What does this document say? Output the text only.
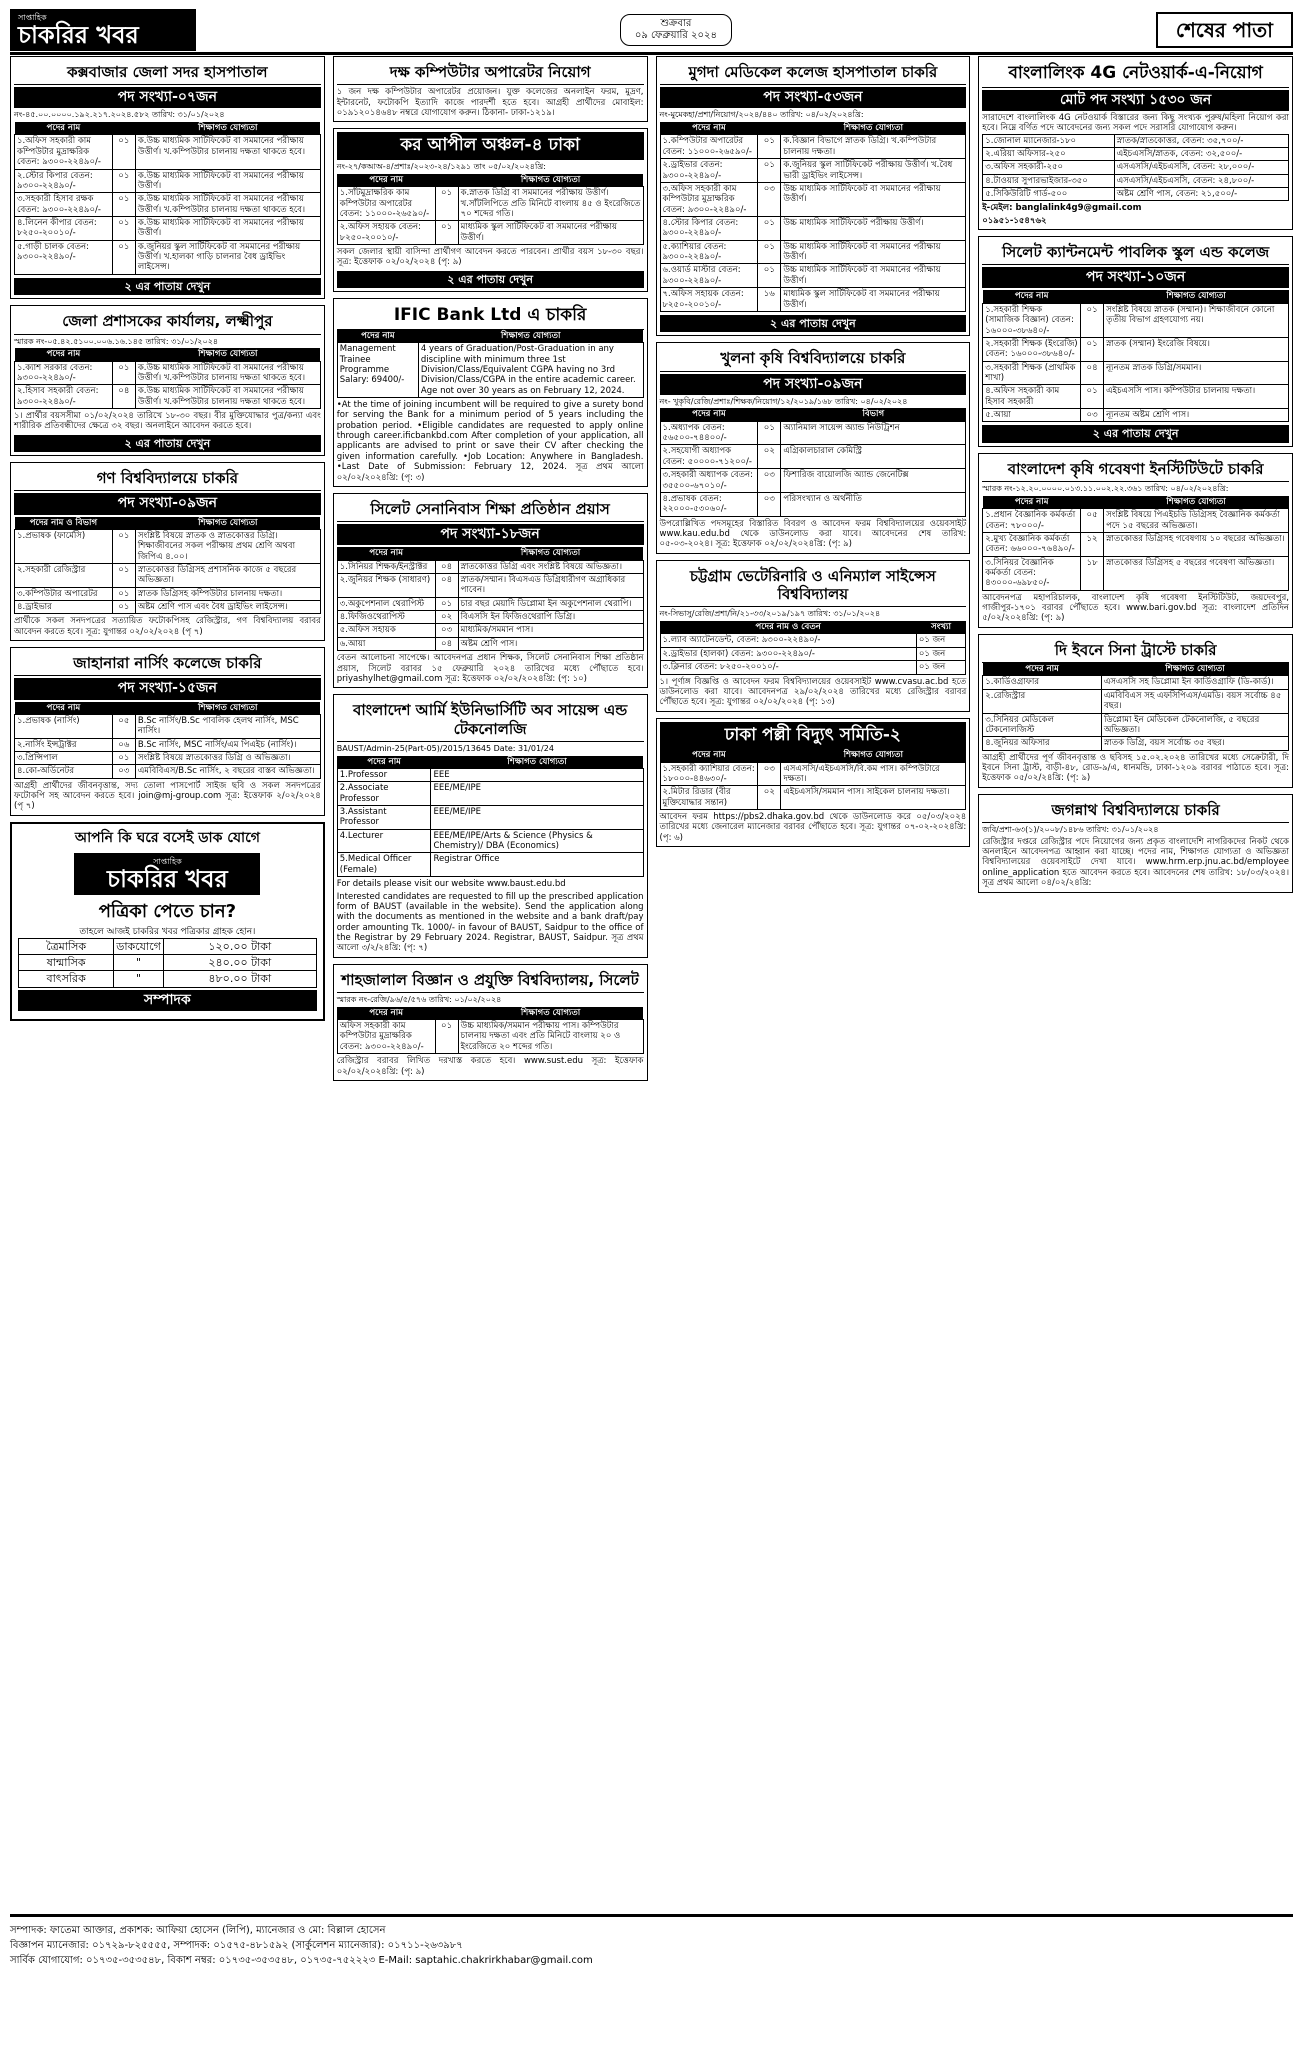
সাপ্তাহিক
চাকরির খবর	শুক্রবার
০৯ ফেব্রুয়ারি ২০২৪	শেষের পাতা
কক্সবাজার জেলা সদর হাসপাতাল
পদ সংখ্যা-০৭জন
নং-৪৫.০০.০০০০.১৯২.২১৭.২০২৪.৫৮২ তারিখ: ৩১/০১/২০২৪
পদের নাম		শিক্ষাগত যোগ্যতা
১.অফিস সহকারী কাম কম্পিউটার মুদ্রাক্ষরিক বেতন: ৯৩০০-২২৪৯০/-	০১	ক.উচ্চ মাধ্যমিক সার্টিফিকেট বা সমমানের পরীক্ষায় উত্তীর্ণ। খ.কম্পিউটার চালনায় দক্ষতা থাকতে হবে।
২.স্টোর কিপার বেতন: ৯৩০০-২২৪৯০/-	০১	ক.উচ্চ মাধ্যমিক সার্টিফিকেট বা সমমানের পরীক্ষায় উত্তীর্ণ।
৩.সহকারী হিসাব রক্ষক বেতন: ৯৩০০-২২৪৯০/-	০১	ক.উচ্চ মাধ্যমিক সার্টিফিকেট বা সমমানের পরীক্ষায় উত্তীর্ণ। খ.কম্পিউটার চালনায় দক্ষতা থাকতে হবে।
৪.লিনেন কীপার বেতন: ৮২৫০-২০০১০/-	০১	ক.উচ্চ মাধ্যমিক সার্টিফিকেট বা সমমানের পরীক্ষায় উত্তীর্ণ।
৫.গাড়ী চালক বেতন: ৯৩০০-২২৪৯০/-	০১	ক.জুনিয়র স্কুল সার্টিফিকেট বা সমমানের পরীক্ষায় উত্তীর্ণ। খ.হালকা গাড়ি চালনার বৈধ ড্রাইভিং লাইসেন্স।
২ এর পাতায় দেখুন
জেলা প্রশাসকের কার্যালয়, লক্ষ্মীপুর
স্মারক নং-০৫.৪২.৫১০০.০০৬.১৬.১৪৫ তারিখ: ৩১/০১/২০২৪
পদের নাম		শিক্ষাগত যোগ্যতা
১.ক্যাশ সরকার বেতন: ৯৩০০-২২৪৯০/-	০১	ক.উচ্চ মাধ্যমিক সার্টিফিকেট বা সমমানের পরীক্ষায় উত্তীর্ণ। খ.কম্পিউটার চালনায় দক্ষতা থাকতে হবে।
২.হিসাব সহকারী বেতন: ৯৩০০-২২৪৯০/-	০৪	ক.উচ্চ মাধ্যমিক সার্টিফিকেট বা সমমানের পরীক্ষায় উত্তীর্ণ। খ.কম্পিউটার চালনায় দক্ষতা থাকতে হবে।
১। প্রার্থীর বয়সসীমা ০১/০২/২০২৪ তারিখে ১৮-৩০ বছর। বীর মুক্তিযোদ্ধার পুত্র/কন্যা এবং শারীরিক প্রতিবন্ধীদের ক্ষেত্রে ৩২ বছর। অনলাইনে আবেদন করতে হবে।
২ এর পাতায় দেখুন
গণ বিশ্ববিদ্যালয়ে চাকরি
পদ সংখ্যা-০৯জন
পদের নাম ও বিভাগ		শিক্ষাগত যোগ্যতা
১.প্রভাষক (ফার্মেসি)	০১	সংশ্লিষ্ট বিষয়ে স্নাতক ও স্নাতকোত্তর ডিগ্রি। শিক্ষাজীবনের সকল পরীক্ষায় প্রথম শ্রেণি অথবা জিপিএ ৪.০০।
২.সহকারী রেজিস্ট্রার	০১	স্নাতকোত্তর ডিগ্রিসহ প্রশাসনিক কাজে ৫ বছরের অভিজ্ঞতা।
৩.কম্পিউটার অপারেটর	০১	স্নাতক ডিগ্রিসহ কম্পিউটার চালনায় দক্ষতা।
৪.ড্রাইভার	০১	অষ্টম শ্রেণি পাস এবং বৈধ ড্রাইভিং লাইসেন্স।
প্রার্থীকে সকল সনদপত্রের সত্যায়িত ফটোকপিসহ রেজিস্ট্রার, গণ বিশ্ববিদ্যালয় বরাবর আবেদন করতে হবে। সূত্র: যুগান্তর ০২/০২/২০২৪ (পৃ ৭)
জাহানারা নার্সিং কলেজে চাকরি
পদ সংখ্যা-১৫জন
পদের নাম		শিক্ষাগত যোগ্যতা
১.প্রভাষক (নার্সিং)	০৫	B.Sc নার্সিং/B.Sc পাবলিক হেলথ নার্সিং, MSC নার্সিং।
২.নার্সিং ইন্সট্রাক্টর	০৬	B.Sc নার্সিং, MSC নার্সিং/এম পিএইচ (নার্সিং)।
৩.প্রিন্সিপাল	০১	সংশ্লিষ্ট বিষয়ে স্নাতকোত্তর ডিগ্রি ও অভিজ্ঞতা।
৪.কো-অর্ডিনেটর	০৩	এমবিবিএস/B.Sc নার্সিং, ২ বছরের বাস্তব অভিজ্ঞতা।
আগ্রহী প্রার্থীদের জীবনবৃত্তান্ত, সদ্য তোলা পাসপোর্ট সাইজ ছবি ও সকল সনদপত্রের ফটোকপি সহ আবেদন করতে হবে। join@mj-group.com সূত্র: ইত্তেফাক ২/০২/২০২৪ (পৃ ৭)
আপনি কি ঘরে বসেই ডাক যোগে
সাপ্তাহিক
চাকরির খবর
পত্রিকা পেতে চান?
তাহলে আজই চাকরির খবর পত্রিকার গ্রাহক হোন।
ত্রৈমাসিক	ডাকযোগে	১২০.০০ টাকা
ষান্মাসিক	"	২৪০.০০ টাকা
বাৎসরিক	"	৪৮০.০০ টাকা
সম্পাদক
দক্ষ কম্পিউটার অপারেটর নিয়োগ
১ জন দক্ষ কম্পিউটার অপারেটর প্রয়োজন। যুক্ত কলেজের অনলাইন ফরম, মুদ্রণ, ইন্টারনেট, ফটোকপি ইত্যাদি কাজে পারদর্শী হতে হবে। আগ্রহী প্রার্থীদের মোবাইল: ০১৯১২০১৪৬৪৮ নম্বরে যোগাযোগ করুন। ঠিকানা- ঢাকা-১২১৯।
কর আপীল অঞ্চল-৪ ঢাকা
নং-২৭/কআঅ-৪/প্রশাঃ/২০২৩-২৪/১২৯১ তাং ০৫/০২/২০২৪খ্রি:
পদের নাম		শিক্ষাগত যোগ্যতা
১.সাঁটমুদ্রাক্ষরিক কাম কম্পিউটার অপারেটর বেতন: ১১০০০-২৬৫৯০/-	০১	ক.স্নাতক ডিগ্রি বা সমমানের পরীক্ষায় উত্তীর্ণ। খ.সাঁটলিপিতে প্রতি মিনিটে বাংলায় ৪৫ ও ইংরেজিতে ৭০ শব্দের গতি।
২.অফিস সহায়ক বেতন: ৮২৫০-২০০১০/-	০১	মাধ্যমিক স্কুল সার্টিফিকেট বা সমমানের পরীক্ষায় উত্তীর্ণ।
সকল জেলার স্থায়ী বাসিন্দা প্রার্থীগণ আবেদন করতে পারবেন। প্রার্থীর বয়স ১৮-৩০ বছর। সূত্র: ইত্তেফাক ০২/০২/২০২৪ (পৃ: ৯)
২ এর পাতায় দেখুন
IFIC Bank Ltd এ চাকরি
পদের নাম	শিক্ষাগত যোগ্যতা
Management Trainee Programme Salary: 69400/-	4 years of Graduation/Post-Graduation in any discipline with minimum three 1st Division/Class/Equivalent CGPA having no 3rd Division/Class/CGPA in the entire academic career. Age not over 30 years as on February 12, 2024.
•At the time of joining incumbent will be required to give a surety bond for serving the Bank for a minimum period of 5 years including the probation period. •Eligible candidates are requested to apply online through career.ificbankbd.com After completion of your application, all applicants are advised to print or save their CV after checking the given information carefully. •Job Location: Anywhere in Bangladesh. •Last Date of Submission: February 12, 2024. সূত্র প্রথম আলো ০২/০২/২০২৪খ্রি: (পৃ: ৩)
সিলেট সেনানিবাস শিক্ষা প্রতিষ্ঠান প্রয়াস
পদ সংখ্যা-১৮জন
পদের নাম		শিক্ষাগত যোগ্যতা
১.সিনিয়র শিক্ষক/ইনস্ট্রাক্টর	০৪	স্নাতকোত্তর ডিগ্রি এবং সংশ্লিষ্ট বিষয়ে অভিজ্ঞতা।
২.জুনিয়র শিক্ষক (সাধারণ)	০৪	স্নাতক/সম্মান। বিএসএড ডিগ্রিধারীগণ অগ্রাধিকার পাবেন।
৩.অকুপেশনাল থেরাপিস্ট	০১	চার বছর মেয়াদি ডিপ্লোমা ইন অকুপেশনাল থেরাপি।
৪.ফিজিওথেরাপিস্ট	০২	বিএসসি ইন ফিজিওথেরাপি ডিগ্রি।
৫.অফিস সহায়ক	০৩	মাধ্যমিক/সমমান পাস।
৬.আয়া	০৪	অষ্টম শ্রেণি পাস।
বেতন আলোচনা সাপেক্ষে। আবেদনপত্র প্রধান শিক্ষক, সিলেট সেনানিবাস শিক্ষা প্রতিষ্ঠান প্রয়াস, সিলেট বরাবর ১৫ ফেব্রুয়ারি ২০২৪ তারিখের মধ্যে পৌঁছাতে হবে। priyashylhet@gmail.com সূত্র: ইত্তেফাক ০২/০২/২০২৪খ্রি: (পৃ: ১০)
বাংলাদেশ আর্মি ইউনিভার্সিটি অব সায়েন্স এন্ড টেকনোলজি
BAUST/Admin-25(Part-05)/2015/13645 Date: 31/01/24
পদের নাম	শিক্ষাগত যোগ্যতা
1.Professor	EEE
2.Associate Professor	EEE/ME/IPE
3.Assistant Professor	EEE/ME/IPE
4.Lecturer	EEE/ME/IPE/Arts & Science (Physics & Chemistry)/ DBA (Economics)
5.Medical Officer (Female)	Registrar Office
For details please visit our website www.baust.edu.bd
Interested candidates are requested to fill up the prescribed application form of BAUST (available in the website). Send the application along with the documents as mentioned in the website and a bank draft/pay order amounting Tk. 1000/- in favour of BAUST, Saidpur to the office of the Registrar by 29 February 2024. Registrar, BAUST, Saidpur. সূত্র প্রথম আলো ৩/২/২৪খ্রি: (পৃ: ৭)
শাহজালাল বিজ্ঞান ও প্রযুক্তি বিশ্ববিদ্যালয়, সিলেট
স্মারক নং-রেজি/৯৬/৫/৫৭৬ তারিখ: ০১/০২/২০২৪
পদের নাম		শিক্ষাগত যোগ্যতা
অফিস সহকারী কাম কম্পিউটার মুদ্রাক্ষরিক বেতন: ৯৩০০-২২৪৯০/-	০১	উচ্চ মাধ্যমিক/সমমান পরীক্ষায় পাস। কম্পিউটার চালনায় দক্ষতা এবং প্রতি মিনিটে বাংলায় ২০ ও ইংরেজিতে ২০ শব্দের গতি।
রেজিস্ট্রার বরাবর লিখিত দরখাস্ত করতে হবে। www.sust.edu সূত্র: ইত্তেফাক ০২/০২/২০২৪খ্রি: (পৃ: ৯)
মুগদা মেডিকেল কলেজ হাসপাতাল চাকরি
পদ সংখ্যা-৫৩জন
নং-মুমেকহা/প্রশা/নিয়োগ/২০২৪/৪৪০ তারিখ: ০৪/০২/২০২৪খ্রি:
পদের নাম		শিক্ষাগত যোগ্যতা
১.কম্পিউটার অপারেটর বেতন: ১১০০০-২৬৫৯০/-	০১	ক.বিজ্ঞান বিভাগে স্নাতক ডিগ্রি। খ.কম্পিউটার চালনায় দক্ষতা।
২.ড্রাইভার বেতন: ৯৩০০-২২৪৯০/-	০১	ক.জুনিয়র স্কুল সার্টিফিকেট পরীক্ষায় উত্তীর্ণ। খ.বৈধ ভারী ড্রাইভিং লাইসেন্স।
৩.অফিস সহকারী কাম কম্পিউটার মুদ্রাক্ষরিক বেতন: ৯৩০০-২২৪৯০/-	০৩	উচ্চ মাধ্যমিক সার্টিফিকেট বা সমমানের পরীক্ষায় উত্তীর্ণ।
৪.স্টোর কিপার বেতন: ৯৩০০-২২৪৯০/-	০১	উচ্চ মাধ্যমিক সার্টিফিকেট পরীক্ষায় উত্তীর্ণ।
৫.ক্যাশিয়ার বেতন: ৯৩০০-২২৪৯০/-	০১	উচ্চ মাধ্যমিক সার্টিফিকেট বা সমমানের পরীক্ষায় উত্তীর্ণ।
৬.ওয়ার্ড মাস্টার বেতন: ৯৩০০-২২৪৯০/-	০১	উচ্চ মাধ্যমিক সার্টিফিকেট বা সমমানের পরীক্ষায় উত্তীর্ণ।
৭.অফিস সহায়ক বেতন: ৮২৫০-২০০১০/-	১৬	মাধ্যমিক স্কুল সার্টিফিকেট বা সমমানের পরীক্ষায় উত্তীর্ণ।
২ এর পাতায় দেখুন
খুলনা কৃষি বিশ্ববিদ্যালয়ে চাকরি
পদ সংখ্যা-০৯জন
নং- খুকৃবি/রেজি/প্রশাঃ/শিক্ষক/নিয়োগ/১২/২০১৯/১৬৮ তারিখ: ০৪/০২/২০২৪
পদের নাম		বিভাগ
১.অধ্যাপক বেতন: ৫৬৫০০-৭৪৪০০/-	০১	অ্যানিমাল সায়েন্স অ্যান্ড নিউট্রিশন
২.সহযোগী অধ্যাপক বেতন: ৫০০০০-৭১২০০/-	০২	এগ্রিকালচারাল কেমিস্ট্রি
৩.সহকারী অধ্যাপক বেতন: ৩৫৫০০-৬৭০১০/-	০৩	ফিশারিজ বায়োলজি অ্যান্ড জেনেটিক্স
৪.প্রভাষক বেতন: ২২০০০-৫৩০৬০/-	০৩	পরিসংখ্যান ও অর্থনীতি
উপরোল্লিখিত পদসমূহের বিস্তারিত বিবরণ ও আবেদন ফরম বিশ্ববিদ্যালয়ের ওয়েবসাইট www.kau.edu.bd থেকে ডাউনলোড করা যাবে। আবেদনের শেষ তারিখ: ০৫-০৩-২০২৪। সূত্র: ইত্তেফাক ০২/০২/২০২৪খ্রি: (পৃ: ৯)
চট্টগ্রাম ভেটেরিনারি ও এনিম্যাল সাইন্সেস বিশ্ববিদ্যালয়
নং-সিভাসু/রেজি/প্রশা/নি/২১-৩৩/২০১৯/১৯৭ তারিখ: ৩১/০১/২০২৪
পদের নাম ও বেতন	সংখ্যা
১.ল্যাব অ্যাটেনডেন্ট, বেতন: ৯৩০০-২২৪৯০/-	০১ জন
২.ড্রাইভার (হালকা) বেতন: ৯৩০০-২২৪৯০/-	০১ জন
৩.ক্লিনার বেতন: ৮২৫০-২০০১০/-	০১ জন
১। পূর্ণাঙ্গ বিজ্ঞপ্তি ও আবেদন ফরম বিশ্ববিদ্যালয়ের ওয়েবসাইট www.cvasu.ac.bd হতে ডাউনলোড করা যাবে। আবেদনপত্র ২৯/০২/২০২৪ তারিখের মধ্যে রেজিস্ট্রার বরাবর পৌঁছাতে হবে। সূত্র: যুগান্তর ০২/০২/২০২৪ (পৃ: ১৩)
ঢাকা পল্লী বিদ্যুৎ সমিতি-২
পদের নাম		শিক্ষাগত যোগ্যতা
১.সহকারী ক্যাশিয়ার বেতন: ১৮০০০-৪৪৬৩০/-	০৩	এসএসসি/এইচএসসি/বি.কম পাস। কম্পিউটারে দক্ষতা।
২.মিটার রিডার (বীর মুক্তিযোদ্ধার সন্তান)	০২	এইচএসসি/সমমান পাস। সাইকেল চালনায় দক্ষতা।
আবেদন ফরম https://pbs2.dhaka.gov.bd থেকে ডাউনলোড করে ০৫/০৩/২০২৪ তারিখের মধ্যে জেনারেল ম্যানেজার বরাবর পৌঁছাতে হবে। সূত্র: যুগান্তর ০৭-০২-২০২৪খ্রি: (পৃ: ৬)
বাংলালিংক 4G নেটওয়ার্ক-এ-নিয়োগ
মোট পদ সংখ্যা ১৫৩০ জন
সারাদেশে বাংলালিংক 4G নেটওয়ার্ক বিস্তারের জন্য কিছু সংখ্যক পুরুষ/মহিলা নিয়োগ করা হবে। নিম্নে বর্ণিত পদে আবেদনের জন্য সকল পদে সরাসরি যোগাযোগ করুন।
১.জোনাল ম্যানেজার-১৮০	স্নাতক/স্নাতকোত্তর, বেতন: ৩৫,৭০০/-
২.এরিয়া অফিসার-২৫০	এইচএসসি/স্নাতক, বেতন: ৩২,৫০০/-
৩.অফিস সহকারী-২৫০	এসএসসি/এইচএসসি, বেতন: ২৮,০০০/-
৪.টাওয়ার সুপারভাইজার-৩৫০	এসএসসি/এইচএসসি, বেতন: ২৪,৮০০/-
৫.সিকিউরিটি গার্ড-৫০০	অষ্টম শ্রেণি পাস, বেতন: ২১,৫০০/-
ই-মেইল: banglalink4g9@gmail.com
০১৯৫১-১৫৪৭৬২
সিলেট ক্যান্টনমেন্ট পাবলিক স্কুল এন্ড কলেজ
পদ সংখ্যা-১০জন
পদের নাম		শিক্ষাগত যোগ্যতা
১.সহকারী শিক্ষক (সামাজিক বিজ্ঞান) বেতন: ১৬০০০-৩৮৬৪০/-	০১	সংশ্লিষ্ট বিষয়ে স্নাতক (সম্মান)। শিক্ষাজীবনে কোনো তৃতীয় বিভাগ গ্রহণযোগ্য নয়।
২.সহকারী শিক্ষক (ইংরেজি) বেতন: ১৬০০০-৩৮৬৪০/-	০১	স্নাতক (সম্মান) ইংরেজি বিষয়ে।
৩.সহকারী শিক্ষক (প্রাথমিক শাখা)	০৪	ন্যূনতম স্নাতক ডিগ্রি/সমমান।
৪.অফিস সহকারী কাম হিসাব সহকারী	০১	এইচএসসি পাস। কম্পিউটার চালনায় দক্ষতা।
৫.আয়া	০৩	ন্যূনতম অষ্টম শ্রেণি পাস।
২ এর পাতায় দেখুন
বাংলাদেশ কৃষি গবেষণা ইনস্টিটিউটে চাকরি
স্মারক নং-১২.২০.০০০০.০১৩.১১.০০২.২২.৩৬১ তারিখ: ০৪/০২/২০২৪খ্রি:
পদের নাম		শিক্ষাগত যোগ্যতা
১.প্রধান বৈজ্ঞানিক কর্মকর্তা বেতন: ৭৮০০০/-	০৫	সংশ্লিষ্ট বিষয়ে পিএইচডি ডিগ্রিসহ বৈজ্ঞানিক কর্মকর্তা পদে ১৫ বছরের অভিজ্ঞতা।
২.মুখ্য বৈজ্ঞানিক কর্মকর্তা বেতন: ৬৬০০০-৭৬৪৯০/-	১২	স্নাতকোত্তর ডিগ্রিসহ গবেষণায় ১০ বছরের অভিজ্ঞতা।
৩.সিনিয়র বৈজ্ঞানিক কর্মকর্তা বেতন: ৪৩০০০-৬৯৮৫০/-	১৮	স্নাতকোত্তর ডিগ্রিসহ ৫ বছরের গবেষণা অভিজ্ঞতা।
আবেদনপত্র মহাপরিচালক, বাংলাদেশ কৃষি গবেষণা ইনস্টিটিউট, জয়দেবপুর, গাজীপুর-১৭০১ বরাবর পৌঁছাতে হবে। www.bari.gov.bd সূত্র: বাংলাদেশ প্রতিদিন ৫/০২/২০২৪খ্রি: (পৃ: ৯)
দি ইবনে সিনা ট্রাস্টে চাকরি
পদের নাম	শিক্ষাগত যোগ্যতা
১.কার্ডিওগ্রাফার	এসএসসি সহ ডিপ্লোমা ইন কার্ডিওগ্রাফি (ডি-কার্ড)।
২.রেজিস্ট্রার	এমবিবিএস সহ এফসিপিএস/এমডি। বয়স সর্বোচ্চ ৪৫ বছর।
৩.সিনিয়র মেডিকেল টেকনোলজিস্ট	ডিপ্লোমা ইন মেডিকেল টেকনোলজি, ৫ বছরের অভিজ্ঞতা।
৪.জুনিয়র অফিসার	স্নাতক ডিগ্রি, বয়স সর্বোচ্চ ৩৫ বছর।
আগ্রহী প্রার্থীদের পূর্ণ জীবনবৃত্তান্ত ও ছবিসহ ১৫.০২.২০২৪ তারিখের মধ্যে সেক্রেটারী, দি ইবনে সিনা ট্রাস্ট, বাড়ী-৪৮, রোড-৯/এ, ধানমন্ডি, ঢাকা-১২০৯ বরাবর পাঠাতে হবে। সূত্র: ইত্তেফাক ০৫/০২/২৪খ্রি: (পৃ: ৯)
জগন্নাথ বিশ্ববিদ্যালয়ে চাকরি
জবি/প্রশা-৬৩(১)/২০০৮/১৪৮৬ তারিখ: ৩১/০১/২০২৪
রেজিস্ট্রার দপ্তরে রেজিস্ট্রার পদে নিয়োগের জন্য প্রকৃত বাংলাদেশি নাগরিকদের নিকট থেকে অনলাইনে আবেদনপত্র আহ্বান করা যাচ্ছে। পদের নাম, শিক্ষাগত যোগ্যতা ও অভিজ্ঞতা বিশ্ববিদ্যালয়ের ওয়েবসাইটে দেখা যাবে। www.hrm.erp.jnu.ac.bd/employee online_application হতে আবেদন করতে হবে। আবেদনের শেষ তারিখ: ১৮/০৩/২০২৪। সূত্র প্রথম আলো ০৪/০২/২৪খ্রি:
সম্পাদক: ফাতেমা আক্তার, প্রকাশক: আফিয়া হোসেন (লিপি), ম্যানেজার ও মো: বিল্লাল হোসেন
বিজ্ঞাপন ম্যানেজার: ০১৭২৯-৮২৫৫৫৫, সম্পাদক: ০১৫৭৫-৪৮১৫৯২ (সার্কুলেশন ম্যানেজার): ০১৭১১-২৬৩৯৮৭
সার্বিক যোগাযোগ: ০১৭৩৫-৩৫৩৫৪৮, বিকাশ নম্বর: ০১৭৩৫-৩৫৩৫৪৮, ০১৭৩৫-৭৫২২২৩ E-Mail: saptahic.chakrirkhabar@gmail.com
